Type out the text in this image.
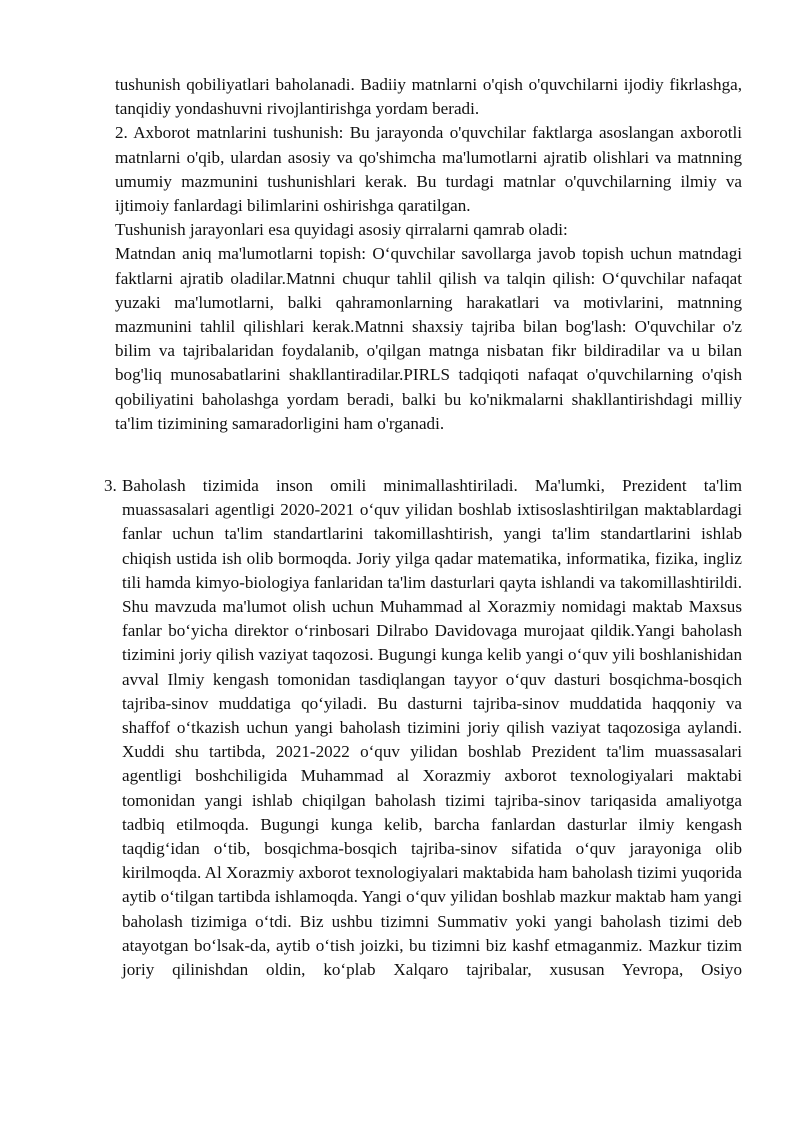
tushunish qobiliyatlari baholanadi. Badiiy matnlarni o'qish o'quvchilarni ijodiy fikrlashga, tanqidiy yondashuvni rivojlantirishga yordam beradi.

2. Axborot matnlarini tushunish: Bu jarayonda o'quvchilar faktlarga asoslangan axborotli matnlarni o'qib, ulardan asosiy va qo'shimcha ma'lumotlarni ajratib olishlari va matnning umumiy mazmunini tushunishlari kerak. Bu turdagi matnlar o'quvchilarning ilmiy va ijtimoiy fanlardagi bilimlarini oshirishga qaratilgan.

Tushunish jarayonlari esa quyidagi asosiy qirralarni qamrab oladi:

Matndan aniq ma'lumotlarni topish: O‘quvchilar savollarga javob topish uchun matndagi faktlarni ajratib oladilar.Matnni chuqur tahlil qilish va talqin qilish: O‘quvchilar nafaqat yuzaki ma'lumotlarni, balki qahramonlarning harakatlari va motivlarini, matnning mazmunini tahlil qilishlari kerak.Matnni shaxsiy tajriba bilan bog'lash: O'quvchilar o'z bilim va tajribalaridan foydalanib, o'qilgan matnga nisbatan fikr bildiradilar va u bilan bog'liq munosabatlarini shakllantiradilar.PIRLS tadqiqoti nafaqat o'quvchilarning o'qish qobiliyatini baholashga yordam beradi, balki bu ko'nikmalarni shakllantirishdagi milliy ta'lim tizimining samaradorligini ham o'rganadi.

3. Baholash tizimida inson omili minimallashtiriladi. Ma'lumki, Prezident ta'lim muassasalari agentligi 2020-2021 o‘quv yilidan boshlab ixtisoslashtirilgan maktablardagi fanlar uchun ta'lim standartlarini takomillashtirish, yangi ta'lim standartlarini ishlab chiqish ustida ish olib bormoqda. Joriy yilga qadar matematika, informatika, fizika, ingliz tili hamda kimyo-biologiya fanlaridan ta'lim dasturlari qayta ishlandi va takomillashtirildi. Shu mavzuda ma'lumot olish uchun Muhammad al Xorazmiy nomidagi maktab Maxsus fanlar bo‘yicha direktor o‘rinbosari Dilrabo Davidovaga murojaat qildik.Yangi baholash tizimini joriy qilish vaziyat taqozosi. Bugungi kunga kelib yangi o‘quv yili boshlanishidan avval Ilmiy kengash tomonidan tasdiqlangan tayyor o‘quv dasturi bosqichma-bosqich tajriba-sinov muddatiga qo‘yiladi. Bu dasturni tajriba-sinov muddatida haqqoniy va shaffof o‘tkazish uchun yangi baholash tizimini joriy qilish vaziyat taqozosiga aylandi. Xuddi shu tartibda, 2021-2022 o‘quv yilidan boshlab Prezident ta'lim muassasalari agentligi boshchiligida Muhammad al Xorazmiy axborot texnologiyalari maktabi tomonidan yangi ishlab chiqilgan baholash tizimi tajriba-sinov tariqasida amaliyotga tadbiq etilmoqda. Bugungi kunga kelib, barcha fanlardan dasturlar ilmiy kengash taqdig‘idan o‘tib, bosqichma-bosqich tajriba-sinov sifatida o‘quv jarayoniga olib kirilmoqda. Al Xorazmiy axborot texnologiyalari maktabida ham baholash tizimi yuqorida aytib o‘tilgan tartibda ishlamoqda. Yangi o‘quv yilidan boshlab mazkur maktab ham yangi baholash tizimiga o‘tdi. Biz ushbu tizimni Summativ yoki yangi baholash tizimi deb atayotgan bo‘lsak-da, aytib o‘tish joizki, bu tizimni biz kashf etmaganmiz. Mazkur tizim joriy qilinishdan oldin, ko‘plab Xalqaro tajribalar, xususan Yevropa, Osiyo
